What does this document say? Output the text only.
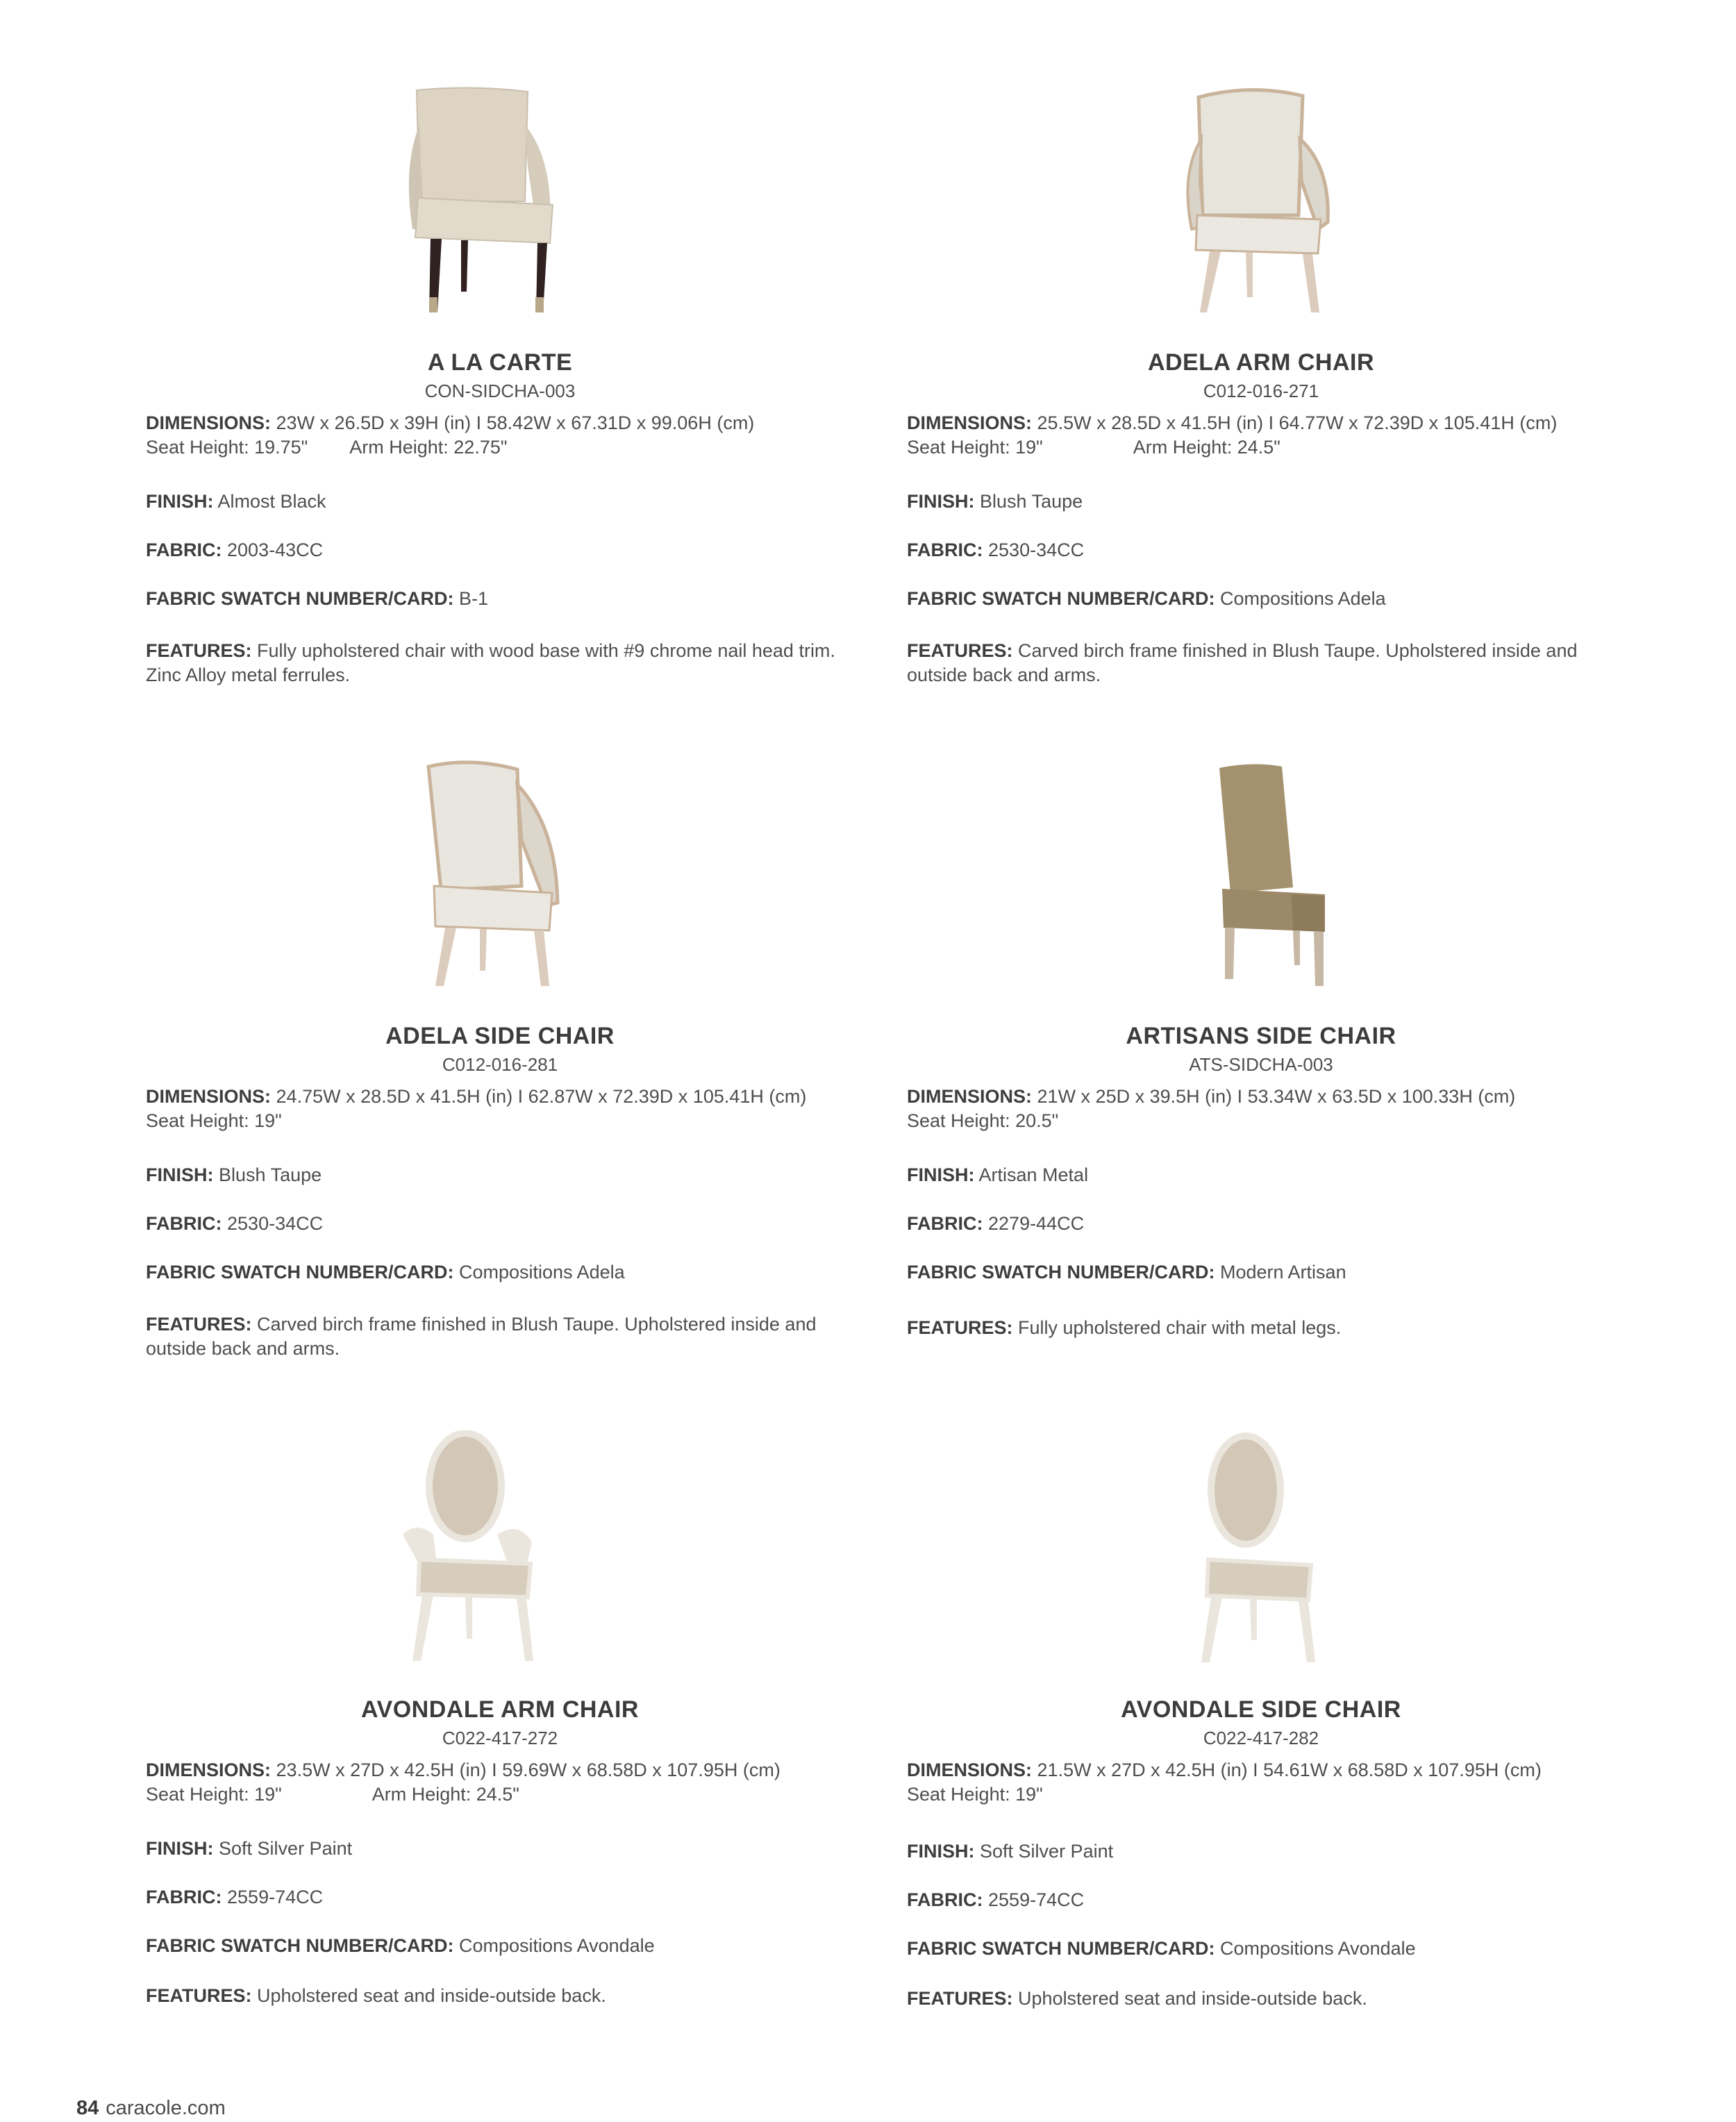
A LA CARTE
CON-SIDCHA-003
DIMENSIONS: 23W x 26.5D x 39H (in) I 58.42W x 67.31D x 99.06H (cm)
Seat Height: 19.75" Arm Height: 22.75"
FINISH: Almost Black
FABRIC: 2003-43CC
FABRIC SWATCH NUMBER/CARD: B-1
FEATURES: Fully upholstered chair with wood base with #9 chrome nail head trim. Zinc Alloy metal ferrules.
ADELA ARM CHAIR
C012-016-271
DIMENSIONS: 25.5W x 28.5D x 41.5H (in) I 64.77W x 72.39D x 105.41H (cm)
Seat Height: 19"	Arm Height: 24.5"
FINISH: Blush Taupe
FABRIC: 2530-34CC
FABRIC SWATCH NUMBER/CARD: Compositions Adela
FEATURES: Carved birch frame finished in Blush Taupe. Upholstered inside and outside back and arms.
ADELA SIDE CHAIR
C012-016-281
DIMENSIONS: 24.75W x 28.5D x 41.5H (in) I 62.87W x 72.39D x 105.41H (cm)
Seat Height: 19"
FINISH: Blush Taupe
FABRIC: 2530-34CC
FABRIC SWATCH NUMBER/CARD: Compositions Adela
FEATURES: Carved birch frame finished in Blush Taupe. Upholstered inside and outside back and arms.
ARTISANS SIDE CHAIR
ATS-SIDCHA-003
DIMENSIONS: 21W x 25D x 39.5H (in) I 53.34W x 63.5D x 100.33H (cm)
Seat Height: 20.5"
FINISH: Artisan Metal
FABRIC: 2279-44CC
FABRIC SWATCH NUMBER/CARD: Modern Artisan
FEATURES: Fully upholstered chair with metal legs.
AVONDALE ARM CHAIR
C022-417-272
DIMENSIONS: 23.5W x 27D x 42.5H (in) I 59.69W x 68.58D x 107.95H (cm)
Seat Height: 19"	Arm Height: 24.5"
FINISH: Soft Silver Paint
FABRIC: 2559-74CC
FABRIC SWATCH NUMBER/CARD: Compositions Avondale
FEATURES: Upholstered seat and inside-outside back.
AVONDALE SIDE CHAIR
C022-417-282
DIMENSIONS: 21.5W x 27D x 42.5H (in) I 54.61W x 68.58D x 107.95H (cm)
Seat Height: 19"
FINISH: Soft Silver Paint
FABRIC: 2559-74CC
FABRIC SWATCH NUMBER/CARD: Compositions Avondale
FEATURES: Upholstered seat and inside-outside back.
84 caracole.com
